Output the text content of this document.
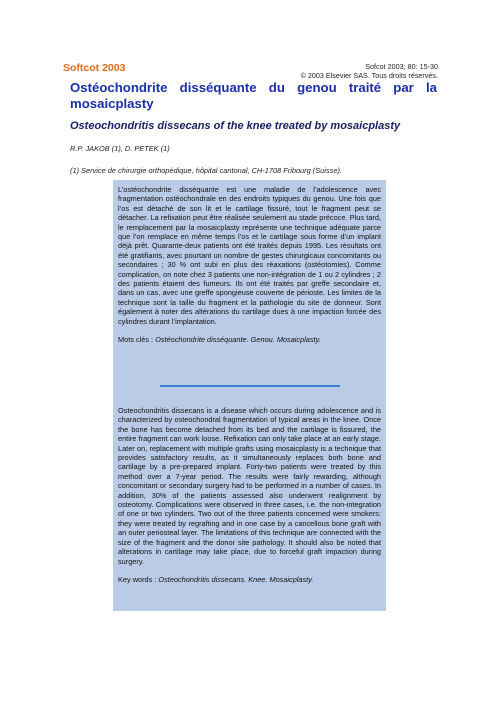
Softcot 2003	Sofcot 2003; 80: 15-30
© 2003 Elsevier SAS. Tous droits réservés.
Ostéochondrite disséquante du genou traité par la mosaicplasty
Osteochondritis dissecans of the knee treated by mosaicplasty
R.P. JAKOB (1), D. PETEK (1)
(1) Service de chirurgie orthopédique, hôpital cantonal, CH-1708 Fribourg (Suisse).
L’ostéochondrite disséquante est une maladie de l’adolescence avec fragmentation ostéochondrale en des endroits typiques du genou. Une fois que l’os est détaché de son lit et le cartilage fissuré, tout le fragment peut se détacher. La refixation peut être réalisée seulement au stade précoce. Plus tard, le remplacement par la mosaicplasty représente une technique adéquate parce que l’on remplace en même temps l’os et le cartilage sous forme d’un implant déjà prêt. Quarante-deux patients ont été traités depuis 1995. Les résultats ont été gratifiants, avec pourtant un nombre de gestes chirurgicaux concomitants ou secondaires ; 30 % ont subi en plus des réaxations (ostéotomies). Comme complication, on note chez 3 patients une non-intégration de 1 ou 2 cylindres ; 2 des patients étaient des fumeurs. Ils ont été traités par greffe secondaire et, dans un cas, avec une greffe spongieuse couverte de périoste. Les limites de la technique sont la taille du fragment et la pathologie du site de donneur. Sont également à noter des altérations du cartilage dues à une impaction forcée des cylindres durant l’implantation.
Mots clés : Ostéochondrite disséquante. Genou. Mosaicplasty.
Osteochondritis dissecans is a disease which occurs during adolescence and is characterized by osteochondral fragmentation of typical areas in the knee. Once the bone has become detached from its bed and the cartilage is fissured, the entire fragment can work loose. Refixation can only take place at an early stage. Later on, replacement with multiple grafts using mosaicplasty is a technique that provides satisfactory results, as it simultaneously replaces both bone and cartilage by a pre-prepared implant. Forty-two patients were treated by this method over a 7-year period. The results were fairly rewarding, although concomitant or secondary surgery had to be performed in a number of cases. In addition, 30% of the patients assessed also underwent realignment by osteotomy. Complications were observed in three cases, i.e. the non-integration of one or two cylinders. Two out of the three patients concerned were smokers: they were treated by regrafting and in one case by a cancellous bone graft with an outer periosteal layer. The limitations of this technique are connected with the size of the fragment and the donor site pathology. It should also be noted that alterations in cartilage may take place, due to forceful graft impaction during surgery.
Key words : Osteochondritis dissecans. Knee. Mosaicplasty.
